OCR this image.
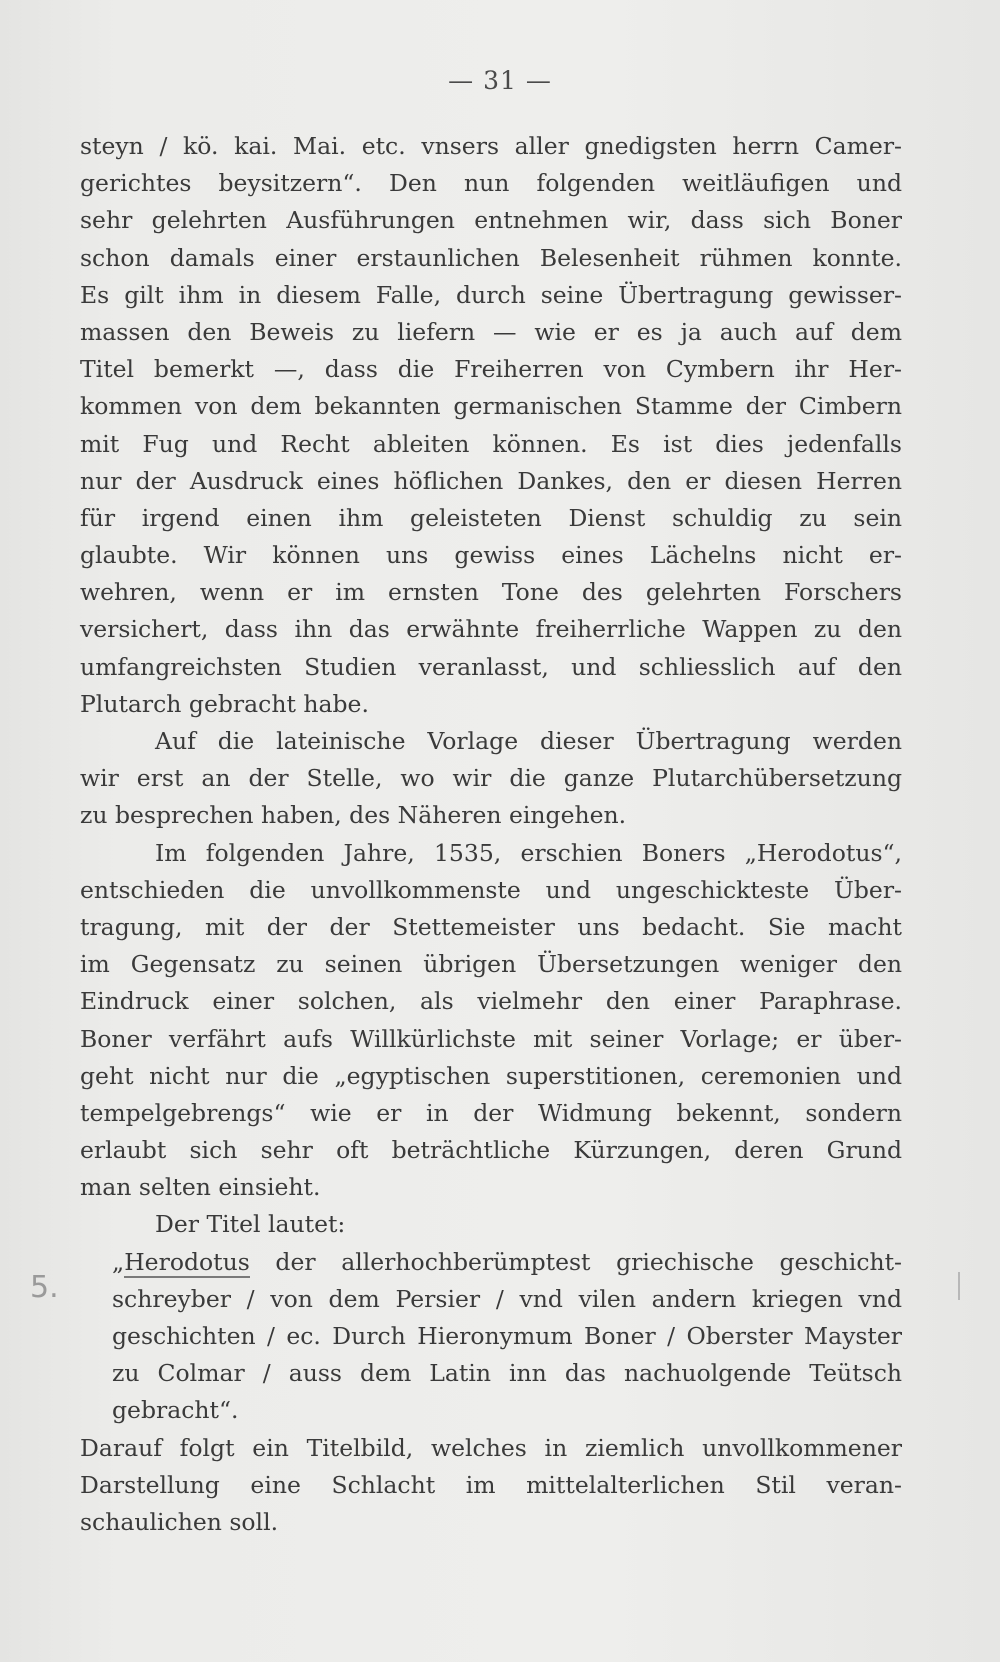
— 31 —
5.
steyn / kö. kai. Mai. etc. vnsers aller gnedigsten herrn Camer-
gerichtes beysitzern“. Den nun folgenden weitläufigen und
sehr gelehrten Ausführungen entnehmen wir, dass sich Boner
schon damals einer erstaunlichen Belesenheit rühmen konnte.
Es gilt ihm in diesem Falle, durch seine Übertragung gewisser-
massen den Beweis zu liefern — wie er es ja auch auf dem
Titel bemerkt —, dass die Freiherren von Cymbern ihr Her-
kommen von dem bekannten germanischen Stamme der Cimbern
mit Fug und Recht ableiten können. Es ist dies jedenfalls
nur der Ausdruck eines höflichen Dankes, den er diesen Herren
für irgend einen ihm geleisteten Dienst schuldig zu sein
glaubte. Wir können uns gewiss eines Lächelns nicht er-
wehren, wenn er im ernsten Tone des gelehrten Forschers
versichert, dass ihn das erwähnte freiherrliche Wappen zu den
umfangreichsten Studien veranlasst, und schliesslich auf den
Plutarch gebracht habe.
Auf die lateinische Vorlage dieser Übertragung werden
wir erst an der Stelle, wo wir die ganze Plutarchübersetzung
zu besprechen haben, des Näheren eingehen.
Im folgenden Jahre, 1535, erschien Boners „Herodotus“,
entschieden die unvollkommenste und ungeschickteste Über-
tragung, mit der der Stettemeister uns bedacht. Sie macht
im Gegensatz zu seinen übrigen Übersetzungen weniger den
Eindruck einer solchen, als vielmehr den einer Paraphrase.
Boner verfährt aufs Willkürlichste mit seiner Vorlage; er über-
geht nicht nur die „egyptischen superstitionen, ceremonien und
tempelgebrengs“ wie er in der Widmung bekennt, sondern
erlaubt sich sehr oft beträchtliche Kürzungen, deren Grund
man selten einsieht.
Der Titel lautet:
„Herodotus der allerhochberümptest griechische geschicht-
schreyber / von dem Persier / vnd vilen andern kriegen vnd
geschichten / ec. Durch Hieronymum Boner / Oberster Mayster
zu Colmar / auss dem Latin inn das nachuolgende Teütsch
gebracht“.
Darauf folgt ein Titelbild, welches in ziemlich unvollkommener
Darstellung eine Schlacht im mittelalterlichen Stil veran-
schaulichen soll.
